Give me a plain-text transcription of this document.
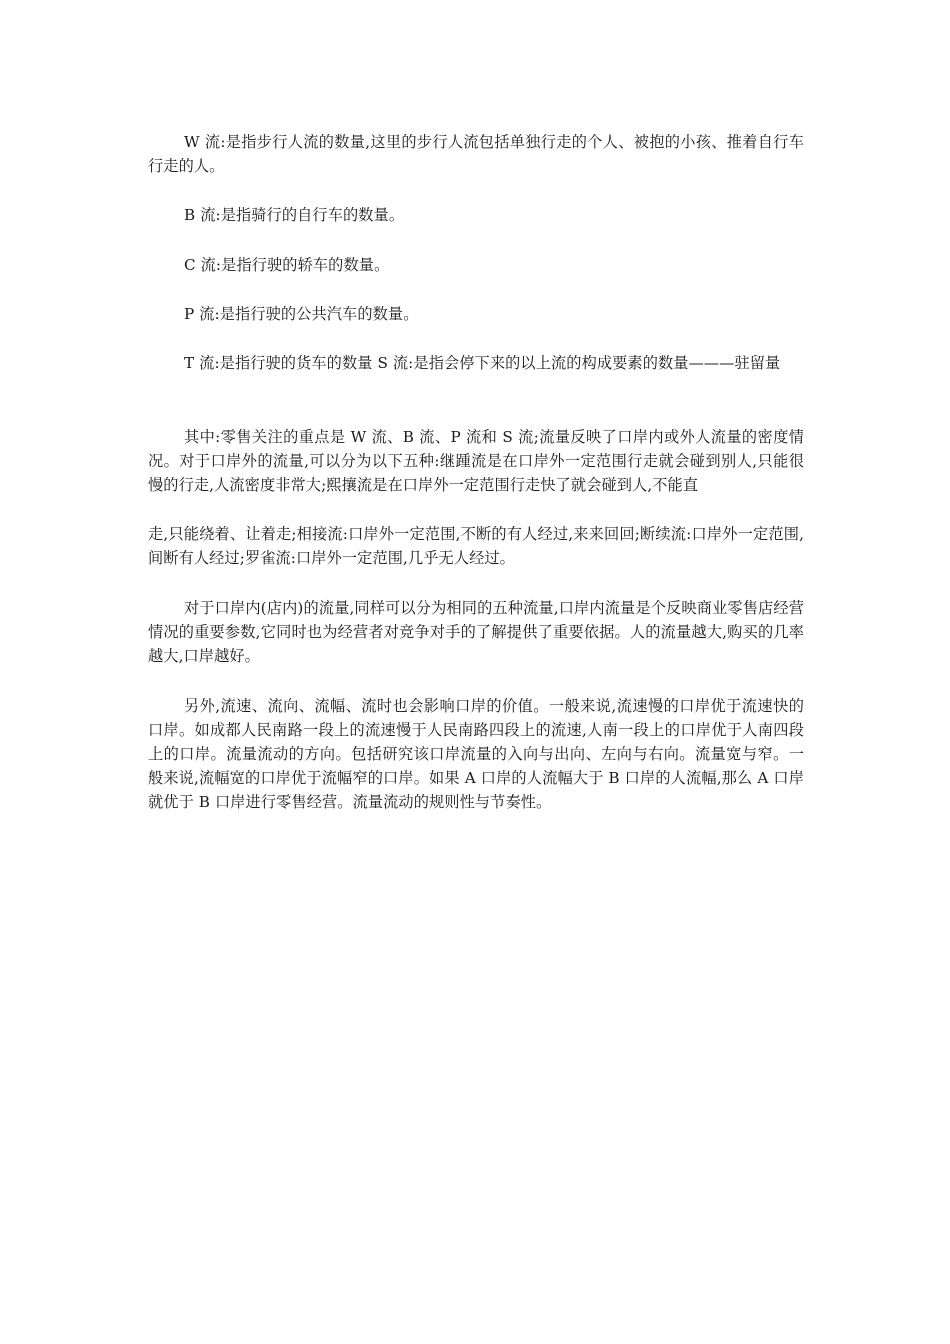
W 流:是指步行人流的数量,这里的步行人流包括单独行走的个人、被抱的小孩、推着自行车行走的人。

B 流:是指骑行的自行车的数量。

C 流:是指行驶的轿车的数量。

P 流:是指行驶的公共汽车的数量。

T 流:是指行驶的货车的数量 S 流:是指会停下来的以上流的构成要素的数量———驻留量

其中:零售关注的重点是 W 流、B 流、P 流和 S 流;流量反映了口岸内或外人流量的密度情况。对于口岸外的流量,可以分为以下五种:继踵流是在口岸外一定范围行走就会碰到别人,只能很慢的行走,人流密度非常大;熙攘流是在口岸外一定范围行走快了就会碰到人,不能直

走,只能绕着、让着走;相接流:口岸外一定范围,不断的有人经过,来来回回;断续流:口岸外一定范围,间断有人经过;罗雀流:口岸外一定范围,几乎无人经过。

对于口岸内(店内)的流量,同样可以分为相同的五种流量,口岸内流量是个反映商业零售店经营情况的重要参数,它同时也为经营者对竞争对手的了解提供了重要依据。人的流量越大,购买的几率越大,口岸越好。

另外,流速、流向、流幅、流时也会影响口岸的价值。一般来说,流速慢的口岸优于流速快的口岸。如成都人民南路一段上的流速慢于人民南路四段上的流速,人南一段上的口岸优于人南四段上的口岸。流量流动的方向。包括研究该口岸流量的入向与出向、左向与右向。流量宽与窄。一般来说,流幅宽的口岸优于流幅窄的口岸。如果 A 口岸的人流幅大于 B 口岸的人流幅,那么 A 口岸就优于 B 口岸进行零售经营。流量流动的规则性与节奏性。
